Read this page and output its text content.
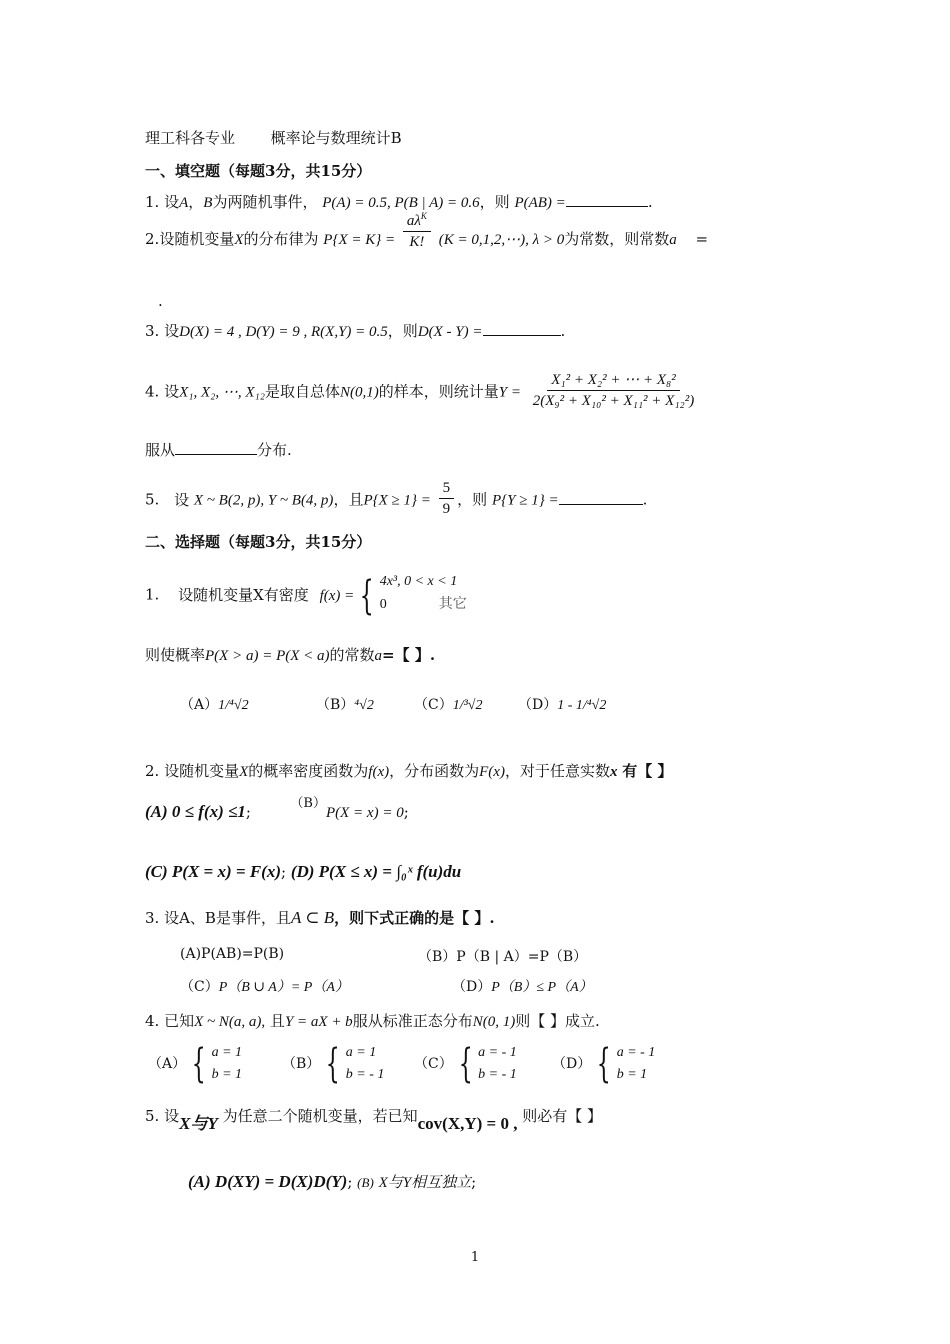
理工科各专业 概率论与数理统计B
一、填空题（每题3分，共15分）
1. 设A，B为两随机事件， P(A) = 0.5, P(B | A) = 0.6，则 P(AB) =	.
2.设随机变量X的分布律为 $P\{X = K\} = \frac{a\lambda^K}{K!} (K$ = 0,1,2,⋯), λ > 0为常数，则常数a =
.
3. 设D(X) = 4 , D(Y) = 9 , R(X,Y) = 0.5，则D(X - Y) =	.
4. 设X₁, X₂, ⋯, X₁₂是取自总体N(0,1)的样本，则统计量$Y = \frac{\text{X₁² + X₂² + ⋯ + X₈²}}{\text{2(X₉² + X₁₀² + X₁₁² + X₁₂²)}}$
服从	分布.
5. 设 X ~ B(2, p), Y ~ B(4, p)，且$P\{X \ge 1\} = \frac{5}{9}$ ，则 P{Y ≥ 1} =	.
二、选择题（每题3分，共15分）
1. 设随机变量X有密度 f(x) = { 4x³, 0 < x < 1
0	其它
则使概率P(X > a) = P(X < a)的常数a=【 】.
（A）1/⁴√2	（B）⁴√2	（C）1/³√2	（D）1 - 1/⁴√2
2. 设随机变量X的概率密度函数为f(x)，分布函数为F(x)，对于任意实数x 有【 】
(A) 0 ≤ f(x) ≤1;	（B）P(X = x) = 0;
(C) P(X = x) = F(x); (D) P(X ≤ x) = ∫₀ˣ f(u)du
3. 设A、B是事件，且A ⊂ B，则下式正确的是【 】.
(A)P(AB)=P(B)	（B）P（B | A）=P（B）
（C）P（B ∪ A）= P（A）	（D）P（B）≤ P（A）
4. 已知X ~ N(a, a), 且Y = aX + b服从标准正态分布N(0, 1)则【 】成立.
（A） { a = 1
b = 1
（B） { a = 1
b = - 1
（C） { a = - 1
b = - 1
（D） { a = - 1
b = 1
5. 设X与Y 为任意二个随机变量，若已知cov(X,Y) = 0 , 则必有【 】
(A) D(XY) = D(X)D(Y); (B) X与Y相互独立;
1
